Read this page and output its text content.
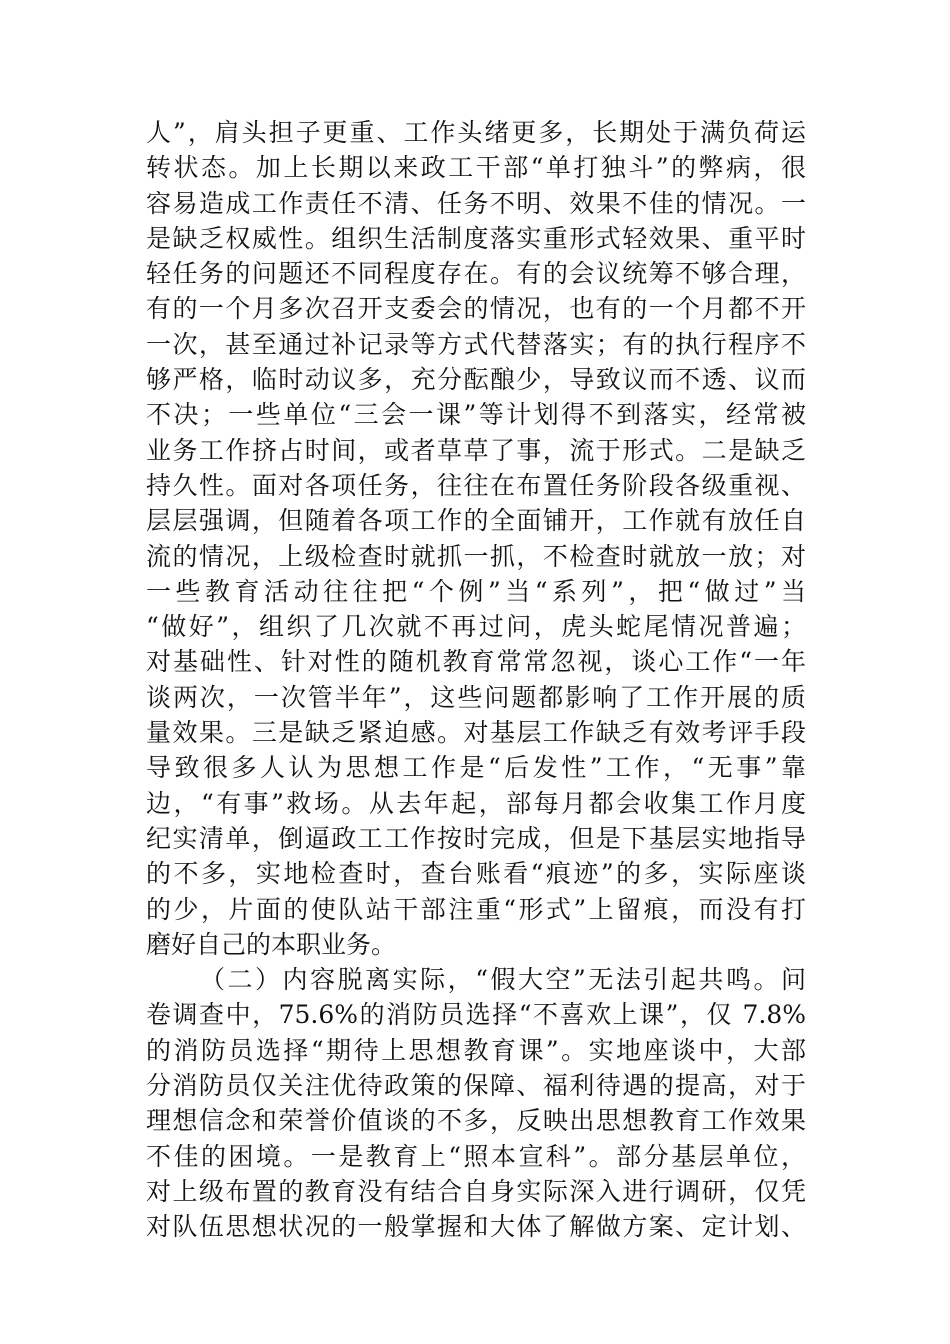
人”，肩头担子更重、工作头绪更多，长期处于满负荷运
转状态。加上长期以来政工干部“单打独斗”的弊病，很
容易造成工作责任不清、任务不明、效果不佳的情况。一
是缺乏权威性。组织生活制度落实重形式轻效果、重平时
轻任务的问题还不同程度存在。有的会议统筹不够合理，
有的一个月多次召开支委会的情况，也有的一个月都不开
一次，甚至通过补记录等方式代替落实；有的执行程序不
够严格，临时动议多，充分酝酿少，导致议而不透、议而
不决；一些单位“三会一课”等计划得不到落实，经常被
业务工作挤占时间，或者草草了事，流于形式。二是缺乏
持久性。面对各项任务，往往在布置任务阶段各级重视、
层层强调，但随着各项工作的全面铺开，工作就有放任自
流的情况，上级检查时就抓一抓，不检查时就放一放；对
一些教育活动往往把“个例”当“系列”，把“做过”当
“做好”，组织了几次就不再过问，虎头蛇尾情况普遍；
对基础性、针对性的随机教育常常忽视，谈心工作“一年
谈两次，一次管半年”，这些问题都影响了工作开展的质
量效果。三是缺乏紧迫感。对基层工作缺乏有效考评手段
导致很多人认为思想工作是“后发性”工作，“无事”靠
边，“有事”救场。从去年起，部每月都会收集工作月度
纪实清单，倒逼政工工作按时完成，但是下基层实地指导
的不多，实地检查时，查台账看“痕迹”的多，实际座谈
的少，片面的使队站干部注重“形式”上留痕，而没有打
磨好自己的本职业务。
（二）内容脱离实际，“假大空”无法引起共鸣。问
卷调查中，75.6%的消防员选择“不喜欢上课”，仅 7.8%
的消防员选择“期待上思想教育课”。实地座谈中，大部
分消防员仅关注优待政策的保障、福利待遇的提高，对于
理想信念和荣誉价值谈的不多，反映出思想教育工作效果
不佳的困境。一是教育上“照本宣科”。部分基层单位，
对上级布置的教育没有结合自身实际深入进行调研，仅凭
对队伍思想状况的一般掌握和大体了解做方案、定计划、
